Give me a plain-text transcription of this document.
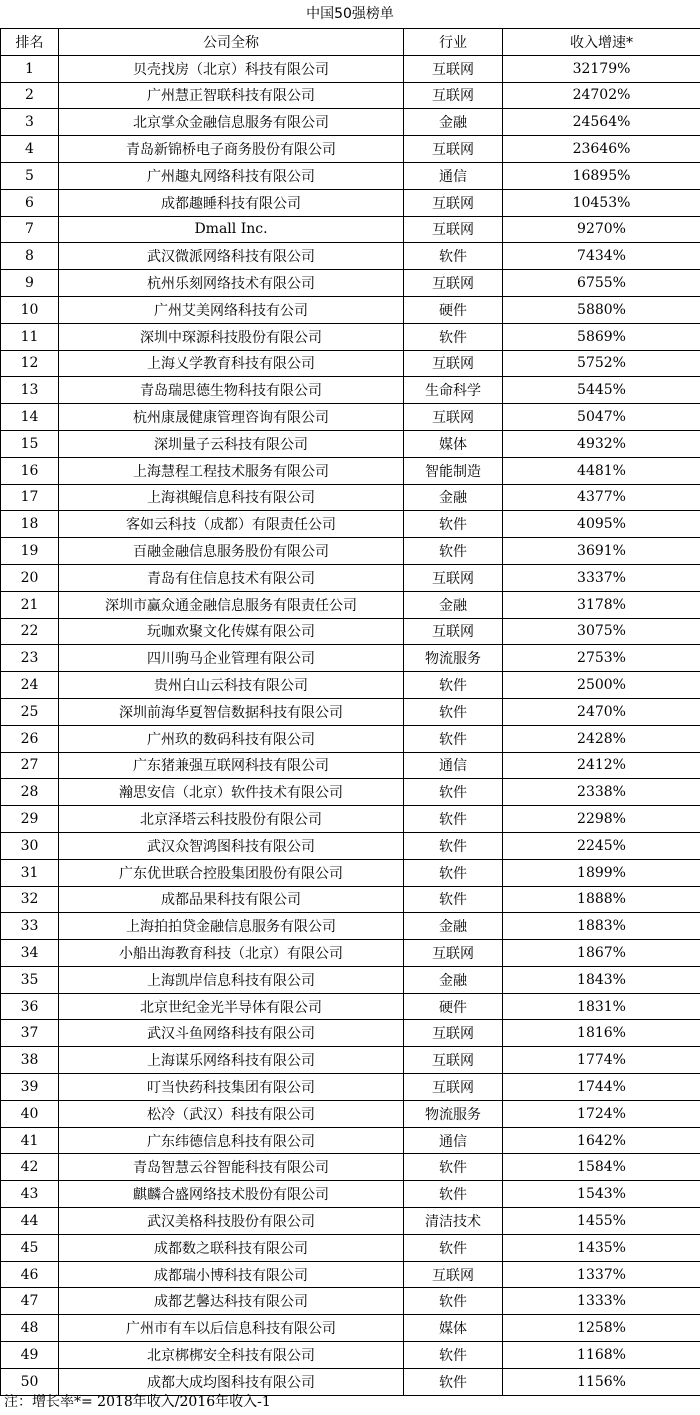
中国50强榜单
排名	公司全称	行业	收入增速*
1	贝壳找房（北京）科技有限公司	互联网	32179%
2	广州慧正智联科技有限公司	互联网	24702%
3	北京掌众金融信息服务有限公司	金融	24564%
4	青岛新锦桥电子商务股份有限公司	互联网	23646%
5	广州趣丸网络科技有限公司	通信	16895%
6	成都趣睡科技有限公司	互联网	10453%
7	Dmall Inc.	互联网	9270%
8	武汉微派网络科技有限公司	软件	7434%
9	杭州乐刻网络技术有限公司	互联网	6755%
10	广州艾美网络科技有公司	硬件	5880%
11	深圳中琛源科技股份有限公司	软件	5869%
12	上海乂学教育科技有限公司	互联网	5752%
13	青岛瑞思德生物科技有限公司	生命科学	5445%
14	杭州康晟健康管理咨询有限公司	互联网	5047%
15	深圳量子云科技有限公司	媒体	4932%
16	上海慧程工程技术服务有限公司	智能制造	4481%
17	上海祺鲲信息科技有限公司	金融	4377%
18	客如云科技（成都）有限责任公司	软件	4095%
19	百融金融信息服务股份有限公司	软件	3691%
20	青岛有住信息技术有限公司	互联网	3337%
21	深圳市赢众通金融信息服务有限责任公司	金融	3178%
22	玩咖欢聚文化传媒有限公司	互联网	3075%
23	四川驹马企业管理有限公司	物流服务	2753%
24	贵州白山云科技有限公司	软件	2500%
25	深圳前海华夏智信数据科技有限公司	软件	2470%
26	广州玖的数码科技有限公司	软件	2428%
27	广东猪兼强互联网科技有限公司	通信	2412%
28	瀚思安信（北京）软件技术有限公司	软件	2338%
29	北京泽塔云科技股份有限公司	软件	2298%
30	武汉众智鸿图科技有限公司	软件	2245%
31	广东优世联合控股集团股份有限公司	软件	1899%
32	成都品果科技有限公司	软件	1888%
33	上海拍拍贷金融信息服务有限公司	金融	1883%
34	小船出海教育科技（北京）有限公司	互联网	1867%
35	上海凯岸信息科技有限公司	金融	1843%
36	北京世纪金光半导体有限公司	硬件	1831%
37	武汉斗鱼网络科技有限公司	互联网	1816%
38	上海谋乐网络科技有限公司	互联网	1774%
39	叮当快药科技集团有限公司	互联网	1744%
40	松冷（武汉）科技有限公司	物流服务	1724%
41	广东纬德信息科技有限公司	通信	1642%
42	青岛智慧云谷智能科技有限公司	软件	1584%
43	麒麟合盛网络技术股份有限公司	软件	1543%
44	武汉美格科技股份有限公司	清洁技术	1455%
45	成都数之联科技有限公司	软件	1435%
46	成都瑞小博科技有限公司	互联网	1337%
47	成都艺馨达科技有限公司	软件	1333%
48	广州市有车以后信息科技有限公司	媒体	1258%
49	北京梆梆安全科技有限公司	软件	1168%
50	成都大成均图科技有限公司	软件	1156%
注：增长率*= 2018年收入/2016年收入-1
